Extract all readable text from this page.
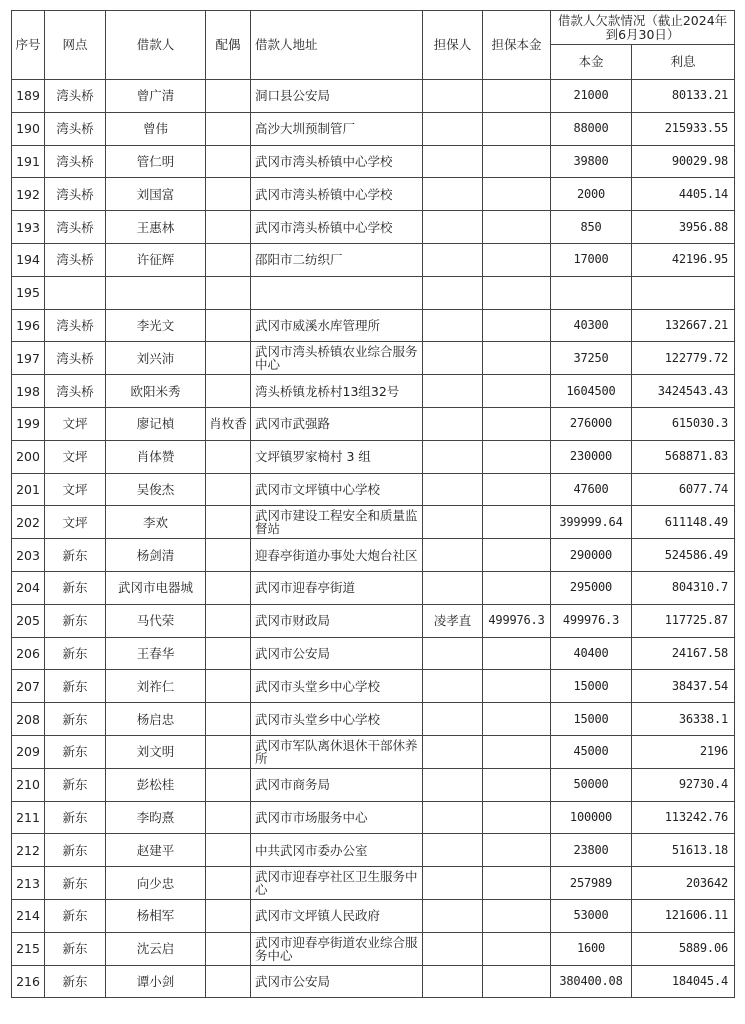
序号	网点	借款人	配偶	借款人地址	担保人	担保本金	借款人欠款情况（截止2024年到6月30日）	
							本金	利息
189	湾头桥	曾广清		洞口县公安局			21000	80133.21
190	湾头桥	曾伟		高沙大圳预制管厂			88000	215933.55
191	湾头桥	管仁明		武冈市湾头桥镇中心学校			39800	90029.98
192	湾头桥	刘国富		武冈市湾头桥镇中心学校			2000	4405.14
193	湾头桥	王惠林		武冈市湾头桥镇中心学校			850	3956.88
194	湾头桥	许征辉		邵阳市二纺织厂			17000	42196.95
195								
196	湾头桥	李光文		武冈市威溪水库管理所			40300	132667.21
197	湾头桥	刘兴沛		武冈市湾头桥镇农业综合服务中心			37250	122779.72
198	湾头桥	欧阳米秀		湾头桥镇龙桥村13组32号			1604500	3424543.43
199	文坪	廖记楨	肖枚香	武冈市武强路			276000	615030.3
200	文坪	肖体赞		文坪镇罗家椅村 3 组			230000	568871.83
201	文坪	吴俊杰		武冈市文坪镇中心学校			47600	6077.74
202	文坪	李欢		武冈市建设工程安全和质量监督站			399999.64	611148.49
203	新东	杨剑清		迎春亭街道办事处大炮台社区			290000	524586.49
204	新东	武冈市电器城		武冈市迎春亭街道			295000	804310.7
205	新东	马代荣		武冈市财政局	凌孝直	499976.3	499976.3	117725.87
206	新东	王春华		武冈市公安局			40400	24167.58
207	新东	刘祚仁		武冈市头堂乡中心学校			15000	38437.54
208	新东	杨启忠		武冈市头堂乡中心学校			15000	36338.1
209	新东	刘文明		武冈市军队离休退休干部休养所			45000	2196
210	新东	彭松桂		武冈市商务局			50000	92730.4
211	新东	李昀熹		武冈市市场服务中心			100000	113242.76
212	新东	赵建平		中共武冈市委办公室			23800	51613.18
213	新东	向少忠		武冈市迎春亭社区卫生服务中心			257989	203642
214	新东	杨相军		武冈市文坪镇人民政府			53000	121606.11
215	新东	沈云启		武冈市迎春亭街道农业综合服务中心			1600	5889.06
216	新东	谭小剑		武冈市公安局			380400.08	184045.4
